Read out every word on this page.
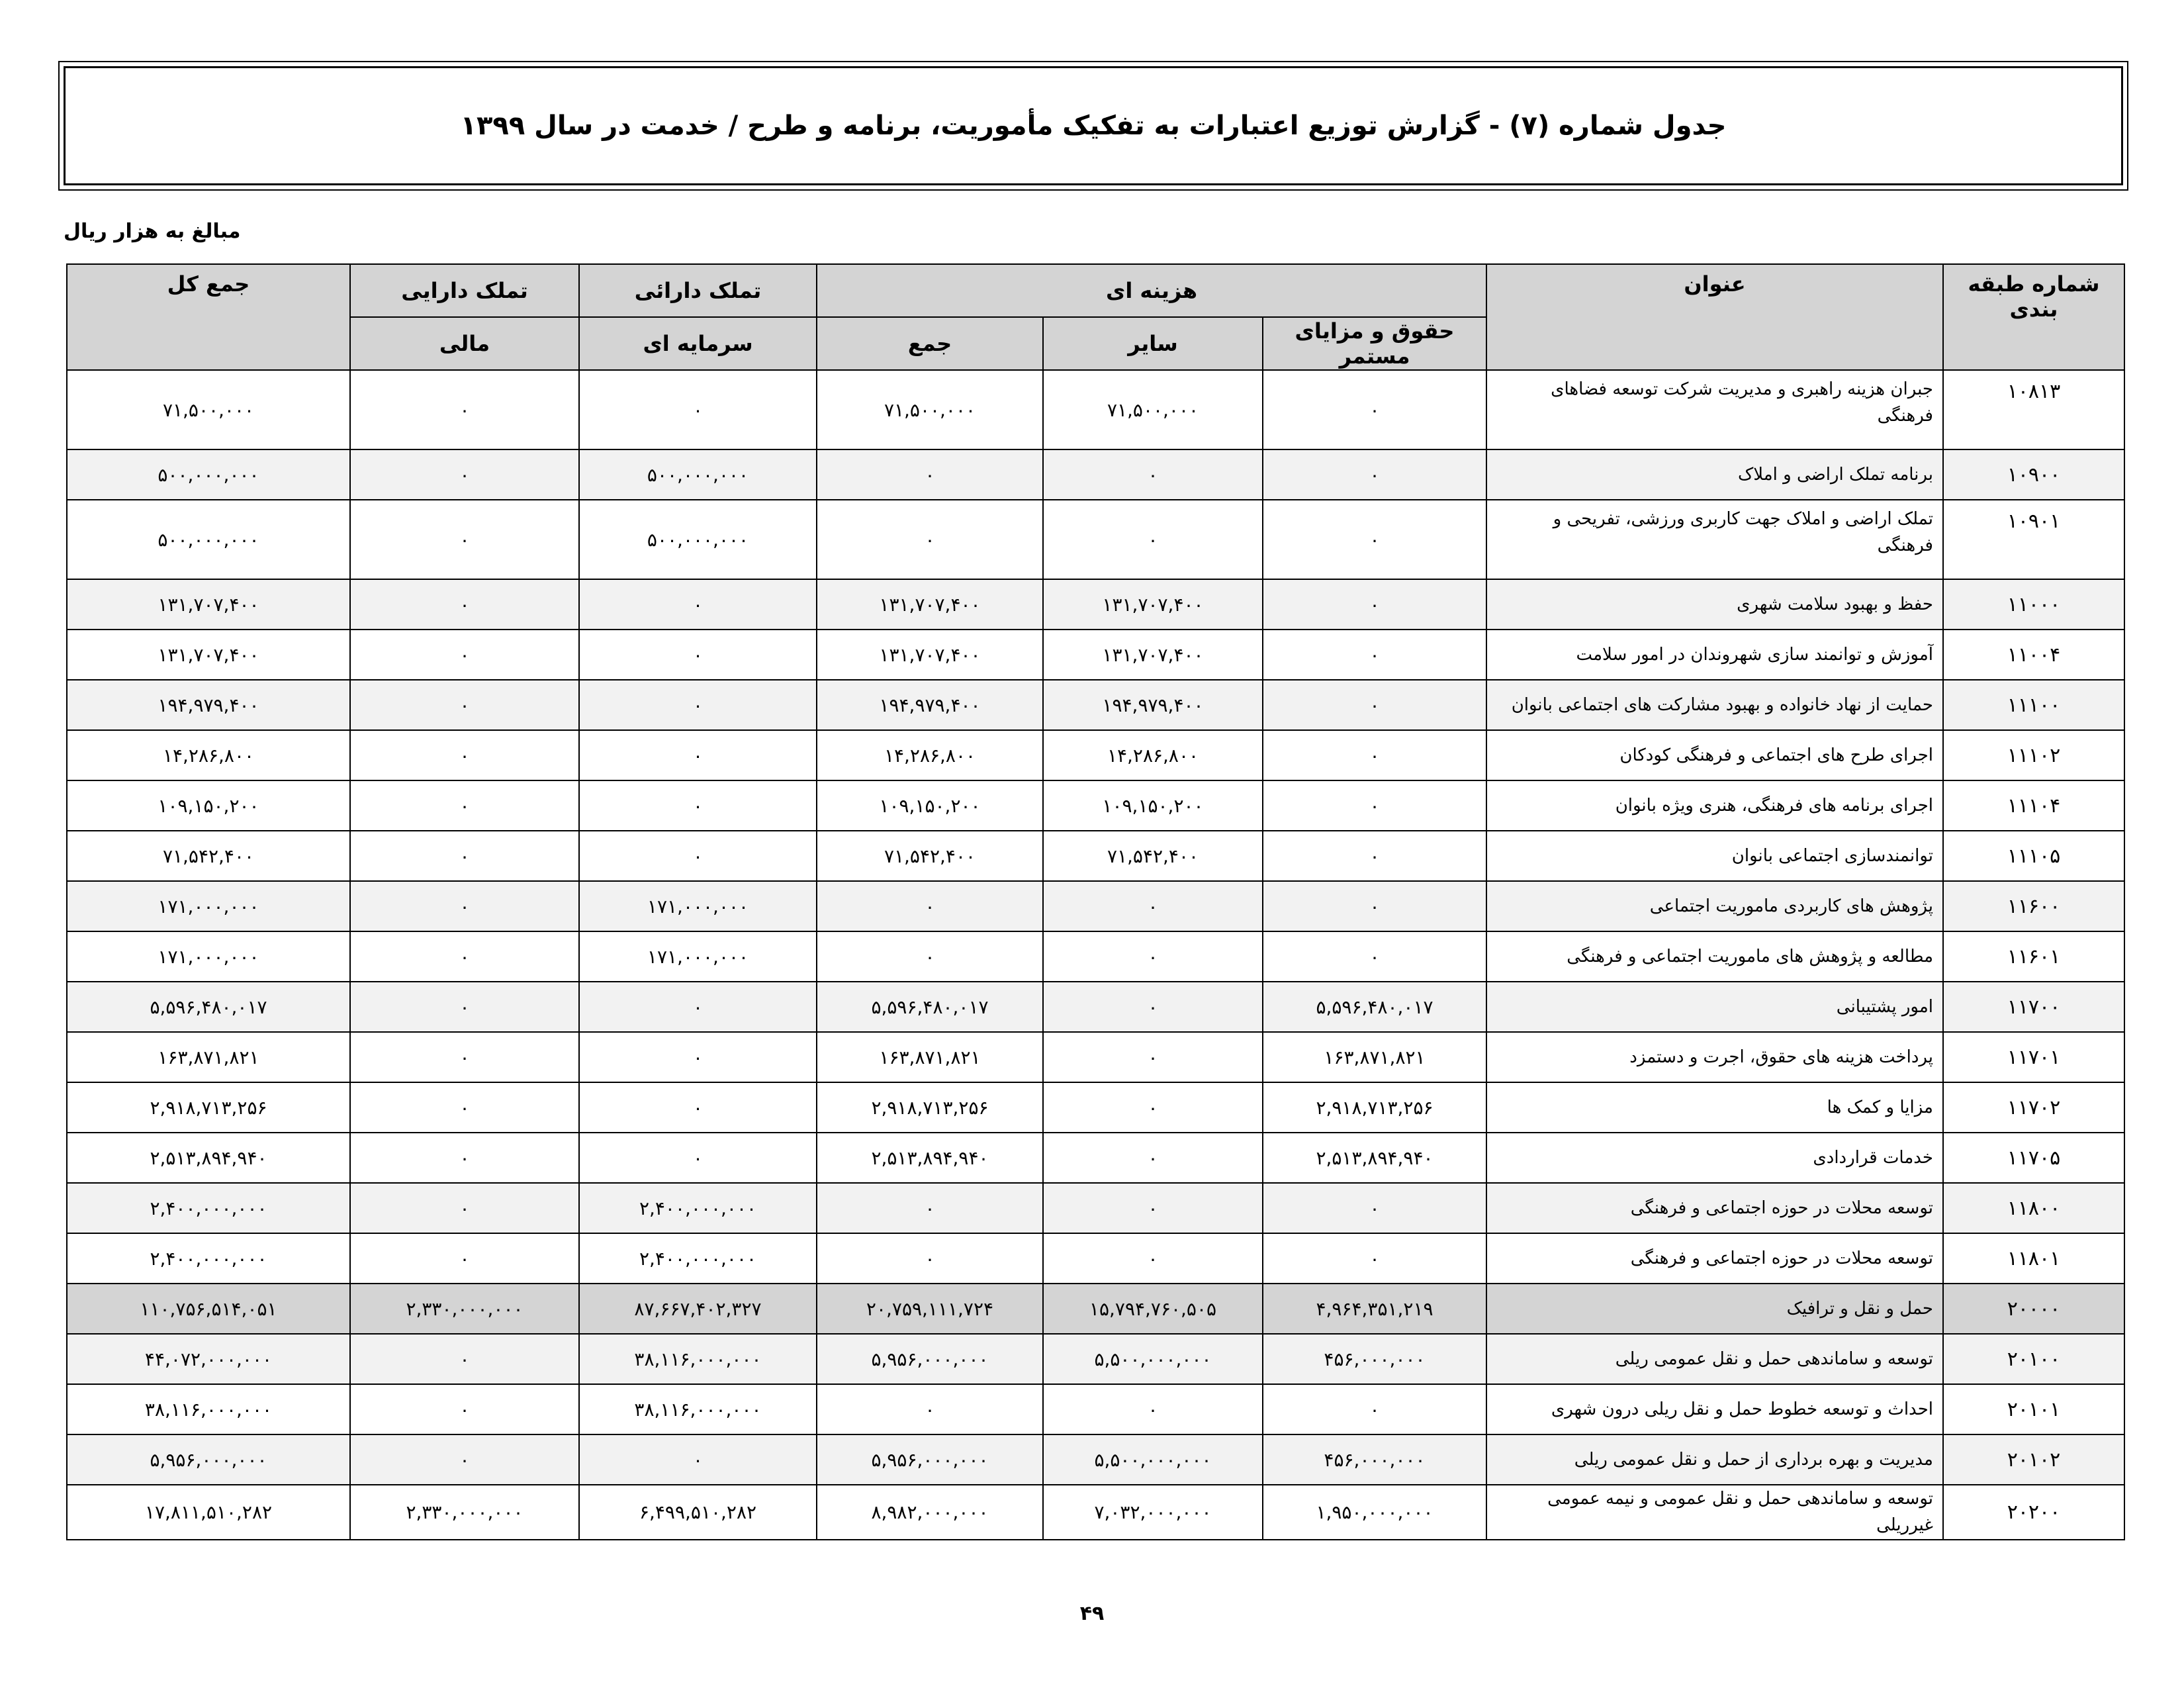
جدول شماره (۷) - گزارش توزیع اعتبارات به تفکیک مأموریت، برنامه و طرح / خدمت در سال ۱۳۹۹
مبالغ به هزار ریال
شماره طبقه بندی	عنوان	هزینه ای			تملک دارائی	تملک دارایی	جمع کل
		حقوق و مزایای مستمر	سایر	جمع	سرمایه ای	مالی	
۱۰۸۱۳	جبران هزینه راهبری و مدیریت شرکت توسعه فضاهای فرهنگی	۰	۷۱,۵۰۰,۰۰۰	۷۱,۵۰۰,۰۰۰	۰	۰	۷۱,۵۰۰,۰۰۰
۱۰۹۰۰	برنامه تملک اراضی و املاک	۰	۰	۰	۵۰۰,۰۰۰,۰۰۰	۰	۵۰۰,۰۰۰,۰۰۰
۱۰۹۰۱	تملک اراضی و املاک جهت کاربری ورزشی، تفریحی و فرهنگی	۰	۰	۰	۵۰۰,۰۰۰,۰۰۰	۰	۵۰۰,۰۰۰,۰۰۰
۱۱۰۰۰	حفظ و بهبود سلامت شهری	۰	۱۳۱,۷۰۷,۴۰۰	۱۳۱,۷۰۷,۴۰۰	۰	۰	۱۳۱,۷۰۷,۴۰۰
۱۱۰۰۴	آموزش و توانمند سازی شهروندان در امور سلامت	۰	۱۳۱,۷۰۷,۴۰۰	۱۳۱,۷۰۷,۴۰۰	۰	۰	۱۳۱,۷۰۷,۴۰۰
۱۱۱۰۰	حمایت از نهاد خانواده و بهبود مشارکت های اجتماعی بانوان	۰	۱۹۴,۹۷۹,۴۰۰	۱۹۴,۹۷۹,۴۰۰	۰	۰	۱۹۴,۹۷۹,۴۰۰
۱۱۱۰۲	اجرای طرح های اجتماعی و فرهنگی کودکان	۰	۱۴,۲۸۶,۸۰۰	۱۴,۲۸۶,۸۰۰	۰	۰	۱۴,۲۸۶,۸۰۰
۱۱۱۰۴	اجرای برنامه های فرهنگی، هنری ویژه بانوان	۰	۱۰۹,۱۵۰,۲۰۰	۱۰۹,۱۵۰,۲۰۰	۰	۰	۱۰۹,۱۵۰,۲۰۰
۱۱۱۰۵	توانمندسازی اجتماعی بانوان	۰	۷۱,۵۴۲,۴۰۰	۷۱,۵۴۲,۴۰۰	۰	۰	۷۱,۵۴۲,۴۰۰
۱۱۶۰۰	پژوهش های کاربردی ماموریت اجتماعی	۰	۰	۰	۱۷۱,۰۰۰,۰۰۰	۰	۱۷۱,۰۰۰,۰۰۰
۱۱۶۰۱	مطالعه و پژوهش های ماموریت اجتماعی و فرهنگی	۰	۰	۰	۱۷۱,۰۰۰,۰۰۰	۰	۱۷۱,۰۰۰,۰۰۰
۱۱۷۰۰	امور پشتیبانی	۵,۵۹۶,۴۸۰,۰۱۷	۰	۵,۵۹۶,۴۸۰,۰۱۷	۰	۰	۵,۵۹۶,۴۸۰,۰۱۷
۱۱۷۰۱	پرداخت هزینه های حقوق، اجرت و دستمزد	۱۶۳,۸۷۱,۸۲۱	۰	۱۶۳,۸۷۱,۸۲۱	۰	۰	۱۶۳,۸۷۱,۸۲۱
۱۱۷۰۲	مزایا و کمک ها	۲,۹۱۸,۷۱۳,۲۵۶	۰	۲,۹۱۸,۷۱۳,۲۵۶	۰	۰	۲,۹۱۸,۷۱۳,۲۵۶
۱۱۷۰۵	خدمات قراردادی	۲,۵۱۳,۸۹۴,۹۴۰	۰	۲,۵۱۳,۸۹۴,۹۴۰	۰	۰	۲,۵۱۳,۸۹۴,۹۴۰
۱۱۸۰۰	توسعه محلات در حوزه اجتماعی و فرهنگی	۰	۰	۰	۲,۴۰۰,۰۰۰,۰۰۰	۰	۲,۴۰۰,۰۰۰,۰۰۰
۱۱۸۰۱	توسعه محلات در حوزه اجتماعی و فرهنگی	۰	۰	۰	۲,۴۰۰,۰۰۰,۰۰۰	۰	۲,۴۰۰,۰۰۰,۰۰۰
۲۰۰۰۰	حمل و نقل و ترافیک	۴,۹۶۴,۳۵۱,۲۱۹	۱۵,۷۹۴,۷۶۰,۵۰۵	۲۰,۷۵۹,۱۱۱,۷۲۴	۸۷,۶۶۷,۴۰۲,۳۲۷	۲,۳۳۰,۰۰۰,۰۰۰	۱۱۰,۷۵۶,۵۱۴,۰۵۱
۲۰۱۰۰	توسعه و ساماندهی حمل و نقل عمومی ریلی	۴۵۶,۰۰۰,۰۰۰	۵,۵۰۰,۰۰۰,۰۰۰	۵,۹۵۶,۰۰۰,۰۰۰	۳۸,۱۱۶,۰۰۰,۰۰۰	۰	۴۴,۰۷۲,۰۰۰,۰۰۰
۲۰۱۰۱	احداث و توسعه خطوط حمل و نقل ریلی درون شهری	۰	۰	۰	۳۸,۱۱۶,۰۰۰,۰۰۰	۰	۳۸,۱۱۶,۰۰۰,۰۰۰
۲۰۱۰۲	مدیریت و بهره برداری از حمل و نقل عمومی ریلی	۴۵۶,۰۰۰,۰۰۰	۵,۵۰۰,۰۰۰,۰۰۰	۵,۹۵۶,۰۰۰,۰۰۰	۰	۰	۵,۹۵۶,۰۰۰,۰۰۰
۲۰۲۰۰	توسعه و ساماندهی حمل و نقل عمومی و نیمه عمومی غیرریلی	۱,۹۵۰,۰۰۰,۰۰۰	۷,۰۳۲,۰۰۰,۰۰۰	۸,۹۸۲,۰۰۰,۰۰۰	۶,۴۹۹,۵۱۰,۲۸۲	۲,۳۳۰,۰۰۰,۰۰۰	۱۷,۸۱۱,۵۱۰,۲۸۲
۴۹
